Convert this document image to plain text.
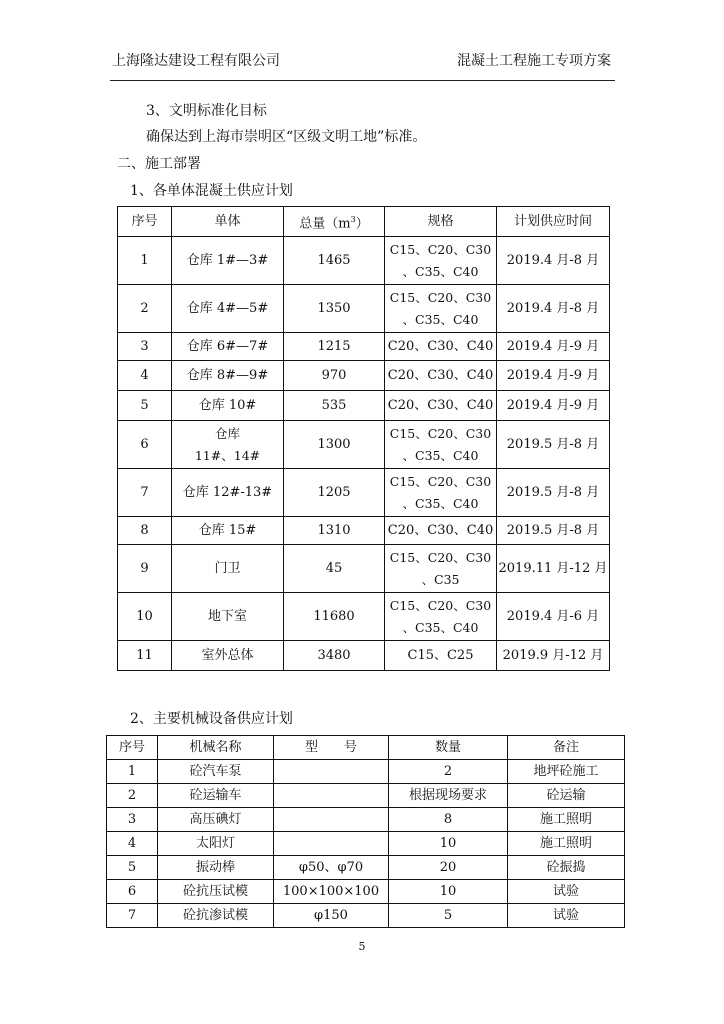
上海隆达建设工程有限公司	混凝土工程施工专项方案
3、文明标准化目标
确保达到上海市崇明区“区级文明工地”标准。
二、施工部署
1、各单体混凝土供应计划
序号	单体	总量$(m^3)$	规格	计划供应时间
1	仓库 1#—3#	1465	C15、C20、C30
、C35、C40	2019.4 月-8 月
2	仓库 4#—5#	1350	C15、C20、C30
、C35、C40	2019.4 月-8 月
3	仓库 6#—7#	1215	C20、C30、C40	2019.4 月-9 月
4	仓库 8#—9#	970	C20、C30、C40	2019.4 月-9 月
5	仓库 10#	535	C20、C30、C40	2019.4 月-9 月
6	仓库
11#、14#	1300	C15、C20、C30
、C35、C40	2019.5 月-8 月
7	仓库 12#-13#	1205	C15、C20、C30
、C35、C40	2019.5 月-8 月
8	仓库 15#	1310	C20、C30、C40	2019.5 月-8 月
9	门卫	45	C15、C20、C30
、C35	2019.11 月-12 月
10	地下室	11680	C15、C20、C30
、C35、C40	2019.4 月-6 月
11	室外总体	3480	C15、C25	2019.9 月-12 月
2、主要机械设备供应计划
序号	机械名称	型　　号	数量	备注
1	砼汽车泵		2	地坪砼施工
2	砼运输车		根据现场要求	砼运输
3	高压碘灯		8	施工照明
4	太阳灯		10	施工照明
5	振动棒	φ50、φ70	20	砼振捣
6	砼抗压试模	100×100×100	10	试验
7	砼抗渗试模	φ150	5	试验
5
